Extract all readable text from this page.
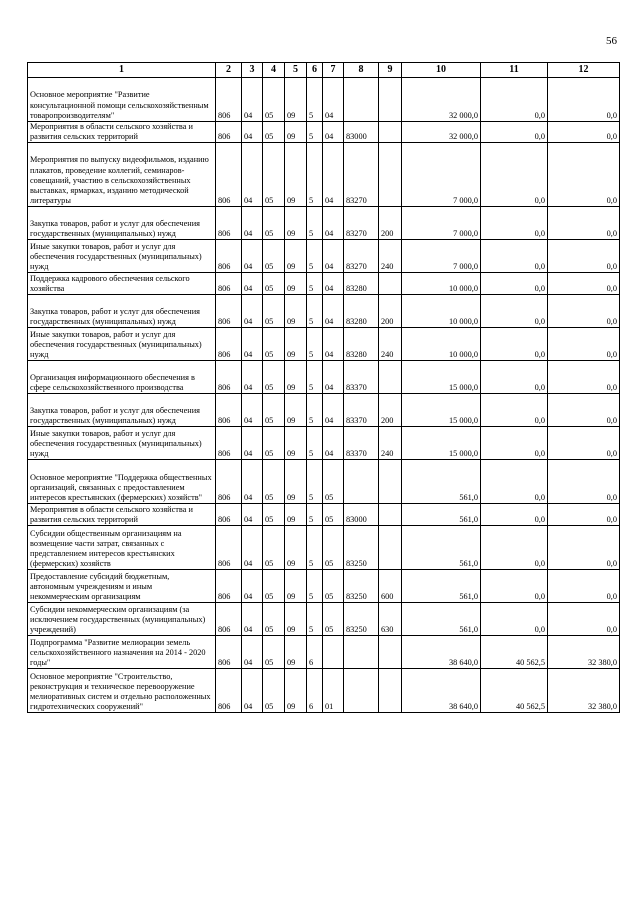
56
1	2	3	4	5	6	7	8	9	10	11	12
Основное мероприятие "Развитие консультационной помощи сельскохозяйственным товаропроизводителям"	806	04	05	09	5	04			32 000,0	0,0	0,0
Мероприятия в области сельского хозяйства и развития сельских территорий	806	04	05	09	5	04	83000		32 000,0	0,0	0,0
Мероприятия по выпуску видеофильмов, изданию плакатов, проведение коллегий, семинаров-совещаний, участию в сельскохозяйственных выставках, ярмарках, изданию методической литературы	806	04	05	09	5	04	83270		7 000,0	0,0	0,0
Закупка товаров, работ и услуг для обеспечения государственных (муниципальных) нужд	806	04	05	09	5	04	83270	200	7 000,0	0,0	0,0
Иные закупки товаров, работ и услуг для обеспечения государственных (муниципальных) нужд	806	04	05	09	5	04	83270	240	7 000,0	0,0	0,0
Поддержка кадрового обеспечения сельского хозяйства	806	04	05	09	5	04	83280		10 000,0	0,0	0,0
Закупка товаров, работ и услуг для обеспечения государственных (муниципальных) нужд	806	04	05	09	5	04	83280	200	10 000,0	0,0	0,0
Иные закупки товаров, работ и услуг для обеспечения государственных (муниципальных) нужд	806	04	05	09	5	04	83280	240	10 000,0	0,0	0,0
Организация информационного обеспечения в сфере сельскохозяйственного производства	806	04	05	09	5	04	83370		15 000,0	0,0	0,0
Закупка товаров, работ и услуг для обеспечения государственных (муниципальных) нужд	806	04	05	09	5	04	83370	200	15 000,0	0,0	0,0
Иные закупки товаров, работ и услуг для обеспечения государственных (муниципальных) нужд	806	04	05	09	5	04	83370	240	15 000,0	0,0	0,0
Основное мероприятие "Поддержка общественных организаций, связанных с предоставлением интересов крестьянских (фермерских) хозяйств"	806	04	05	09	5	05			561,0	0,0	0,0
Мероприятия в области сельского хозяйства и развития сельских территорий	806	04	05	09	5	05	83000		561,0	0,0	0,0
Субсидии общественным организациям на возмещение части затрат, связанных с представлением интересов крестьянских (фермерских) хозяйств	806	04	05	09	5	05	83250		561,0	0,0	0,0
Предоставление субсидий бюджетным, автономным учреждениям и иным некоммерческим организациям	806	04	05	09	5	05	83250	600	561,0	0,0	0,0
Субсидии некоммерческим организациям (за исключением государственных (муниципальных) учреждений)	806	04	05	09	5	05	83250	630	561,0	0,0	0,0
Подпрограмма "Развитие мелиорации земель сельскохозяйственного назначения на 2014 - 2020 годы"	806	04	05	09	6				38 640,0	40 562,5	32 380,0
Основное мероприятие "Строительство, реконструкция и техническое перевооружение мелиоративных систем и отдельно расположенных гидротехнических сооружений"	806	04	05	09	6	01			38 640,0	40 562,5	32 380,0
